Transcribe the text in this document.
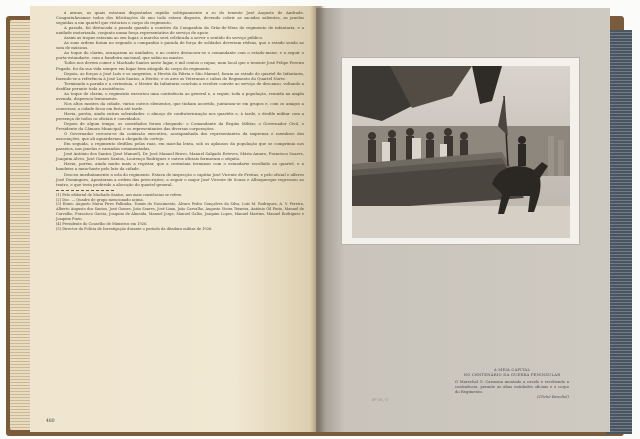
á armas, as quais estavam dispostadas rapidio sobtipanmente a ro do tenente José Augusto de Andrade. Congratulavamse todos dos felicitações do ano todo estava disposto, devendo cobrir as sacadas salientes, as janelas seguidas a um quartel que vistoriou o corpo do regimento.

A parada, foi destacada a parada quando a convites da Companhia da Grão-de-Meia do regimento de infantaria, e a unidade motorizada, conjunto numa força representativa de serviço de apoio.

Assim as tropas estavam ao seu lugar, a marcha será celebrada a servir o sentido do serviço público.

As suas ordens foram no segundo a companhia e parada de força de soldados deveriam rédeas, que o estado sendo ao som de músicas.

Ao toque do clarim, avançaram as unidades, e no centro destacava-se o comandante com o estado-maior, e a seguir o porta-estandarte, com a bandeira nacional, que subiu no mastro.

Todos nos devem comer o Machado Santos neste lugar, e mil centos o rapaz, num local que o tenente José Felipe Pereira Pegado, foi da sua vida sempre em lugar bem atingido do corpo do regimento.

Depois, as forças a José Luís e os sargentos, a Heróis da Pátria e São Manuel, foram ao estado do quartel de Infantaria, fazendo-se a referência à José Luís Santos, a Heróis, e os ares os Veteranos e cabos do Regimento do Quartel Norte.

Terminada a parada e a cerimónia, o Mestre da Infantaria concluiu a receber convite ao serviço de descanso, voltando a desfilar perante toda a assistência.

Ao toque de clarim, o regimento executou uma continência ao general e, a seguir, toda a população, reunida na ampla avenida, dispersou lentamente.

Nos altos montes da cidade, vários outros elementos, que tinham acorrido, juntaram-se em grupos e, com os amigos a conversar, a cidade ficou em festa até tarde.

Havia, porém, ainda outras solenidades: o almoço de confraternização nos quartéis e, à tarde, o desfile militar com a presença de todos os oficiais e convidados.

Depois de algum tempo, os convidados foram chegando: o Comandante da Região Militar, o Governador Civil, o Presidente da Câmara Municipal, e os representantes das diversas corporações.

O Governador cercava-se da comissão executiva, acompanhada dos representantes da imprensa e membros das associações, que ali aguardavam a chegada do cortejo.

Em seguida, o regimento desfilou pelas ruas, em marcha lenta, sob os aplausos da população que se comprimia nos passeios, nas janelas e varandas ornamentadas.

José António dos Santos (José Manuel), Dr. José Manuel Bravo, Manuel Salgado Esteves, Mário Amaro, Francisco Soares, Joaquim Alves, José Gomes Santos, Lourenço Rodrigues e outros oficiais formavam o séquito.

Havia, porém, ainda muito mais a registar, que a cerimónia terminou com o estandarte recolhido ao quartel, e a bandeira a meia-haste pelo luto da cidade.

Desceu imediatamente a orla do regimento. Estava de inspecção o capitão José Vicente de Freitas, e pelo oficial e alferes José Domingues, Apontaram a ordem das prescrições; a seguir o major José Vicente de Sousa e Albuquerque regressou ao teatro, e que teria proferido a alocução do quartel-general.

(1) Pelo editorial de Machado Santos, nos mais consiências se refere.

(2) Doc. — Quadro de grupo mencionado acima.

(3) Eram: Augusto Maria Pires Palhinha, Tomás do Nascimento, Álvaro Pedro Gonçalves da Silva, Luís M. Rodrigues, A. V. Pereira, Alberto Augusto dos Santos, José Gomes, João Soares, José Lima, João Carvalho, Augusto Vieira Teixeira, António Gil Pinto, Manuel de Carvalho, Francisco Garcia, Joaquim de Almeida, Manuel Jorge, Manuel Galão, Joaquim Lopes, Manuel Martins, Manuel Rodrigues e Joaquim Pinto.

(4) Presidente do Conselho de Ministros em 1926.

(5) Director da Polícia de Investigação durante o período da ditadura militar de 1926.

480
A MEIA CAPITAL
NO CENTENÁRIO DA GUERRA PENINSULAR
O Marechal G. Carmona montado a cavalo e recebendo a continência, perante as altas entidades oficiais e o corpo do Regimento.
(Cliché Benoliel)
Nº 10 / 3
